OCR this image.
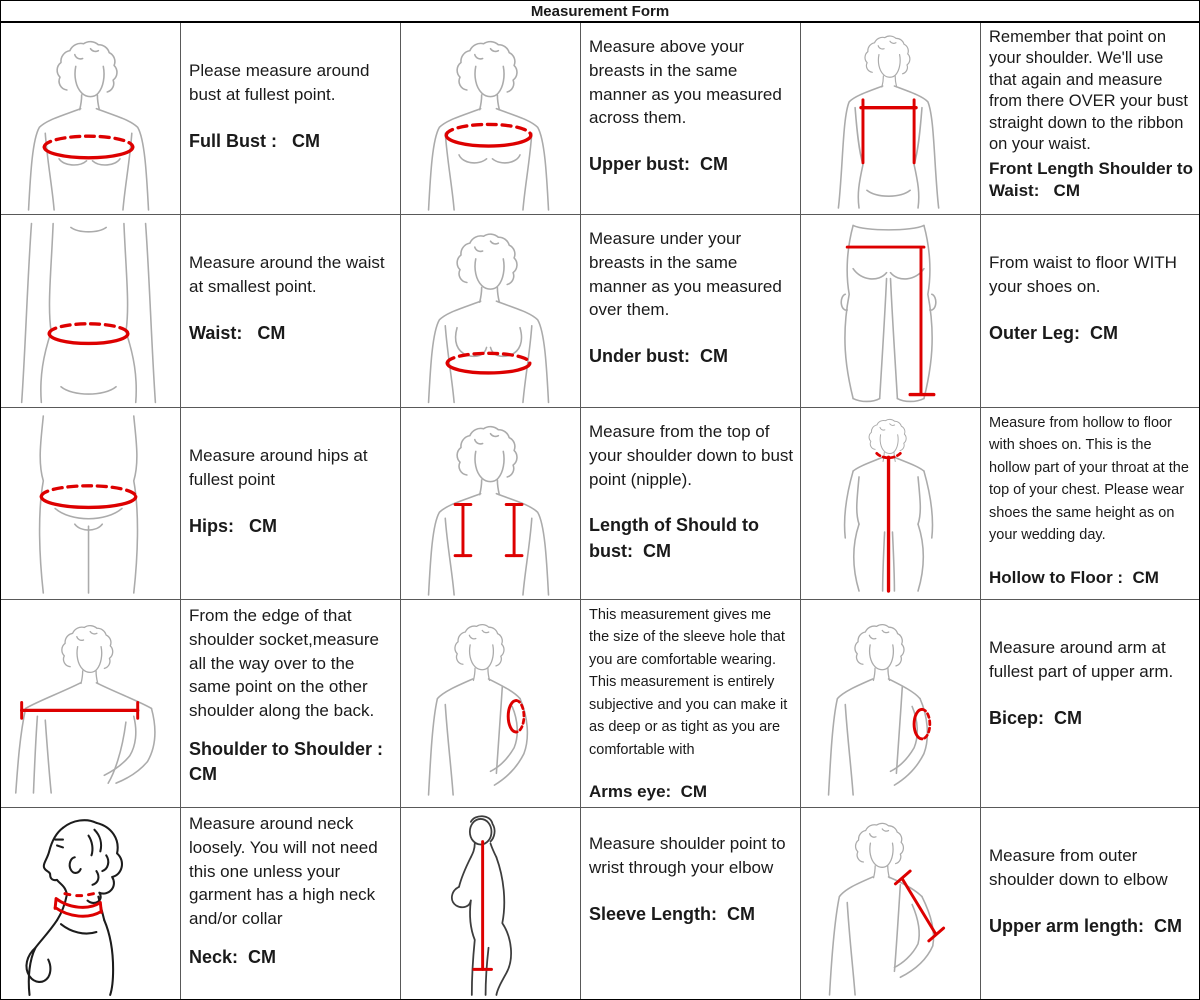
Measurement Form
Please measure around bust at fullest point.
Full Bust :   CM
Measure above your breasts in the same manner as you measured across them.
Upper bust:  CM
Remember that point on your shoulder. We'll use that again and measure from there OVER your bust straight down to the ribbon on your waist.
Front Length Shoulder to Waist:   CM
Measure around the waist at smallest point.
Waist:   CM
Measure under your breasts in the same manner as you measured over them.
Under bust:  CM
From waist to floor WITH your shoes on.
Outer Leg:  CM
Measure around hips at fullest point
Hips:   CM
Measure from the top of your shoulder down to bust point (nipple).
Length of Should to bust:  CM
Measure from hollow to floor with shoes on. This is the hollow part of your throat at the top of your chest. Please wear shoes the same height as on your wedding day.
Hollow to Floor :  CM
From the edge of that shoulder socket,measure all the way over to the same point on the other shoulder along the back.
Shoulder to Shoulder : CM
This measurement gives me the size of the sleeve hole that you are comfortable wearing. This measurement is entirely subjective and you can make it as deep or as tight as you are comfortable with
Arms eye:  CM
Measure around arm at fullest part of upper arm.
Bicep:  CM
Measure around neck loosely. You will not need this one unless your garment has a high neck and/or collar
Neck:  CM
Measure shoulder point to wrist through your elbow
Sleeve Length:  CM
Measure from outer shoulder down to elbow
Upper arm length:  CM
